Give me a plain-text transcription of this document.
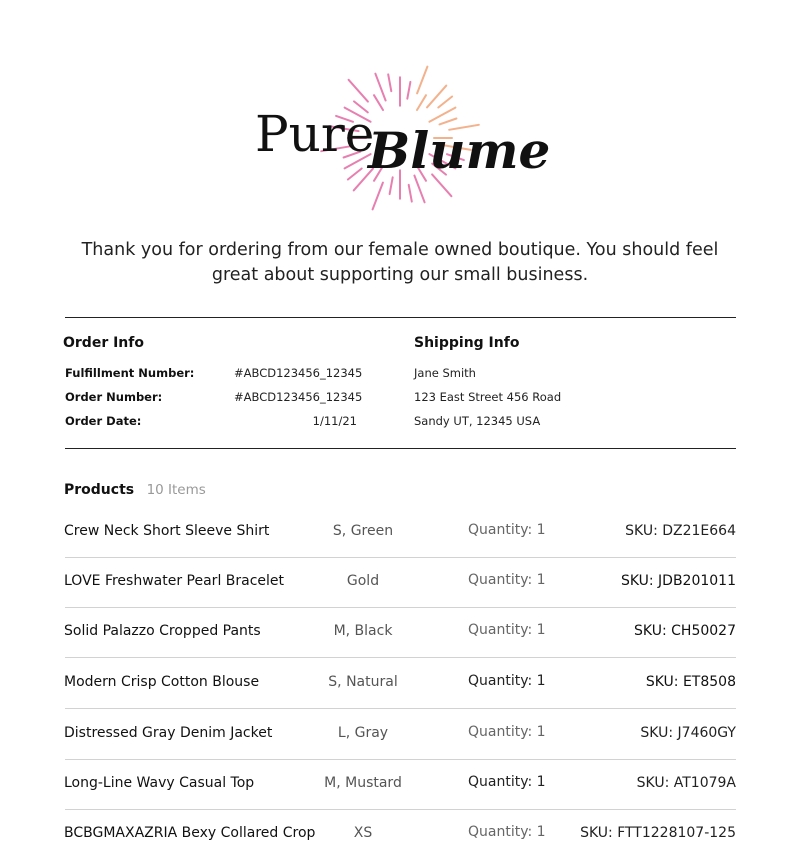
Pure
Blume
Thank you for ordering from our female owned boutique. You should feel great about supporting our small business.
Order Info
Fulfillment Number:	#ABCD123456_12345
Order Number:	#ABCD123456_12345
Order Date:	1/11/21
Shipping Info
Jane Smith
123 East Street 456 Road
Sandy UT, 12345 USA
Products 10 Items
Crew Neck Short Sleeve Shirt	S, Green	Quantity: 1	SKU: DZ21E664
LOVE Freshwater Pearl Bracelet	Gold	Quantity: 1	SKU: JDB201011
Solid Palazzo Cropped Pants	M, Black	Quantity: 1	SKU: CH50027
Modern Crisp Cotton Blouse	S, Natural	Quantity: 1	SKU: ET8508
Distressed Gray Denim Jacket	L, Gray	Quantity: 1	SKU: J7460GY
Long-Line Wavy Casual Top	M, Mustard	Quantity: 1	SKU: AT1079A
BCBGMAXAZRIA Bexy Collared Crop	XS	Quantity: 1 SKU: FTT1228107-125
